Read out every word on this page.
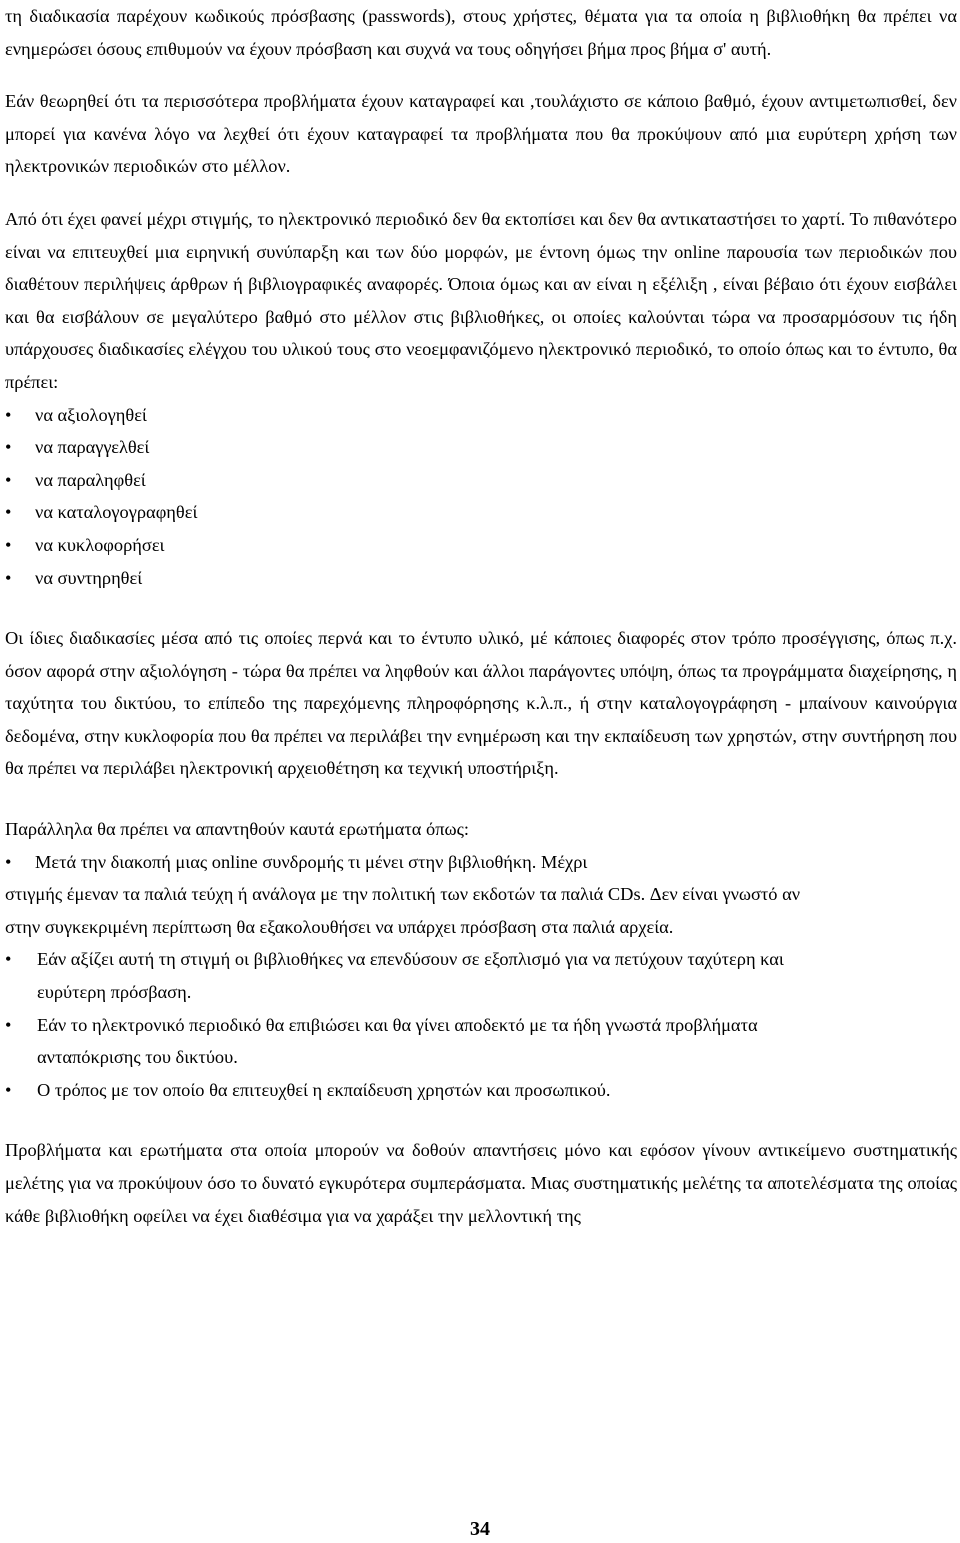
τη διαδικασία παρέχουν κωδικούς πρόσβασης (passwords), στους χρήστες, θέματα για τα οποία η βιβλιοθήκη θα πρέπει να ενημερώσει όσους επιθυμούν να έχουν πρόσβαση και συχνά να τους οδηγήσει βήμα προς βήμα σ' αυτή.

Εάν θεωρηθεί ότι τα περισσότερα προβλήματα έχουν καταγραφεί και ,τουλάχιστο σε κάποιο βαθμό, έχουν αντιμετωπισθεί, δεν μπορεί για κανένα λόγο να λεχθεί ότι έχουν καταγραφεί τα προβλήματα που θα προκύψουν από μια ευρύτερη χρήση των ηλεκτρονικών περιοδικών στο μέλλον.

Από ότι έχει φανεί μέχρι στιγμής, το ηλεκτρονικό περιοδικό δεν θα εκτοπίσει και δεν θα αντικαταστήσει το χαρτί. Το πιθανότερο είναι να επιτευχθεί μια ειρηνική συνύπαρξη και των δύο μορφών, με έντονη όμως την online παρουσία των περιοδικών που διαθέτουν περιλήψεις άρθρων ή βιβλιογραφικές αναφορές. Όποια όμως και αν είναι η εξέλιξη , είναι βέβαιο ότι έχουν εισβάλει και θα εισβάλουν σε μεγαλύτερο βαθμό στο μέλλον στις βιβλιοθήκες, οι οποίες καλούνται τώρα να προσαρμόσουν τις ήδη υπάρχουσες διαδικασίες ελέγχου του υλικού τους στο νεοεμφανιζόμενο ηλεκτρονικό περιοδικό, το οποίο όπως και το έντυπο, θα πρέπει:

•	να αξιολογηθεί
•	να παραγγελθεί
•	να παραληφθεί
•	να καταλογογραφηθεί
•	να κυκλοφορήσει
•	να συντηρηθεί

Οι ίδιες διαδικασίες μέσα από τις οποίες περνά και το έντυπο υλικό, μέ κάποιες διαφορές στον τρόπο προσέγγισης, όπως π.χ. όσον αφορά στην αξιολόγηση - τώρα θα πρέπει να ληφθούν και άλλοι παράγοντες υπόψη, όπως τα προγράμματα διαχείρησης, η ταχύτητα του δικτύου, το επίπεδο της παρεχόμενης πληροφόρησης κ.λ.π., ή στην καταλογογράφηση - μπαίνουν καινούργια δεδομένα, στην κυκλοφορία που θα πρέπει να περιλάβει την ενημέρωση και την εκπαίδευση των χρηστών, στην συντήρηση που θα πρέπει να περιλάβει ηλεκτρονική αρχειοθέτηση κα τεχνική υποστήριξη.

Παράλληλα θα πρέπει να απαντηθούν καυτά ερωτήματα όπως:

• Μετά την διακοπή μιας online συνδρομής τι μένει στην βιβλιοθήκη. Μέχρι
στιγμής έμεναν τα παλιά τεύχη ή ανάλογα με την πολιτική των εκδοτών τα παλιά CDs. Δεν είναι γνωστό αν στην συγκεκριμένη περίπτωση θα εξακολουθήσει να υπάρχει πρόσβαση στα παλιά αρχεία.
• Εάν αξίζει αυτή τη στιγμή οι βιβλιοθήκες να επενδύσουν σε εξοπλισμό για να πετύχουν ταχύτερη και ευρύτερη πρόσβαση.
• Εάν το ηλεκτρονικό περιοδικό θα επιβιώσει και θα γίνει αποδεκτό με τα ήδη γνωστά προβλήματα ανταπόκρισης του δικτύου.
• Ο τρόπος με τον οποίο θα επιτευχθεί η εκπαίδευση χρηστών και προσωπικού.

Προβλήματα και ερωτήματα στα οποία μπορούν να δοθούν απαντήσεις μόνο και εφόσον γίνουν αντικείμενο συστηματικής μελέτης για να προκύψουν όσο το δυνατό εγκυρότερα συμπεράσματα. Μιας συστηματικής μελέτης τα αποτελέσματα της οποίας κάθε βιβλιοθήκη οφείλει να έχει διαθέσιμα για να χαράξει την μελλοντική της

34
